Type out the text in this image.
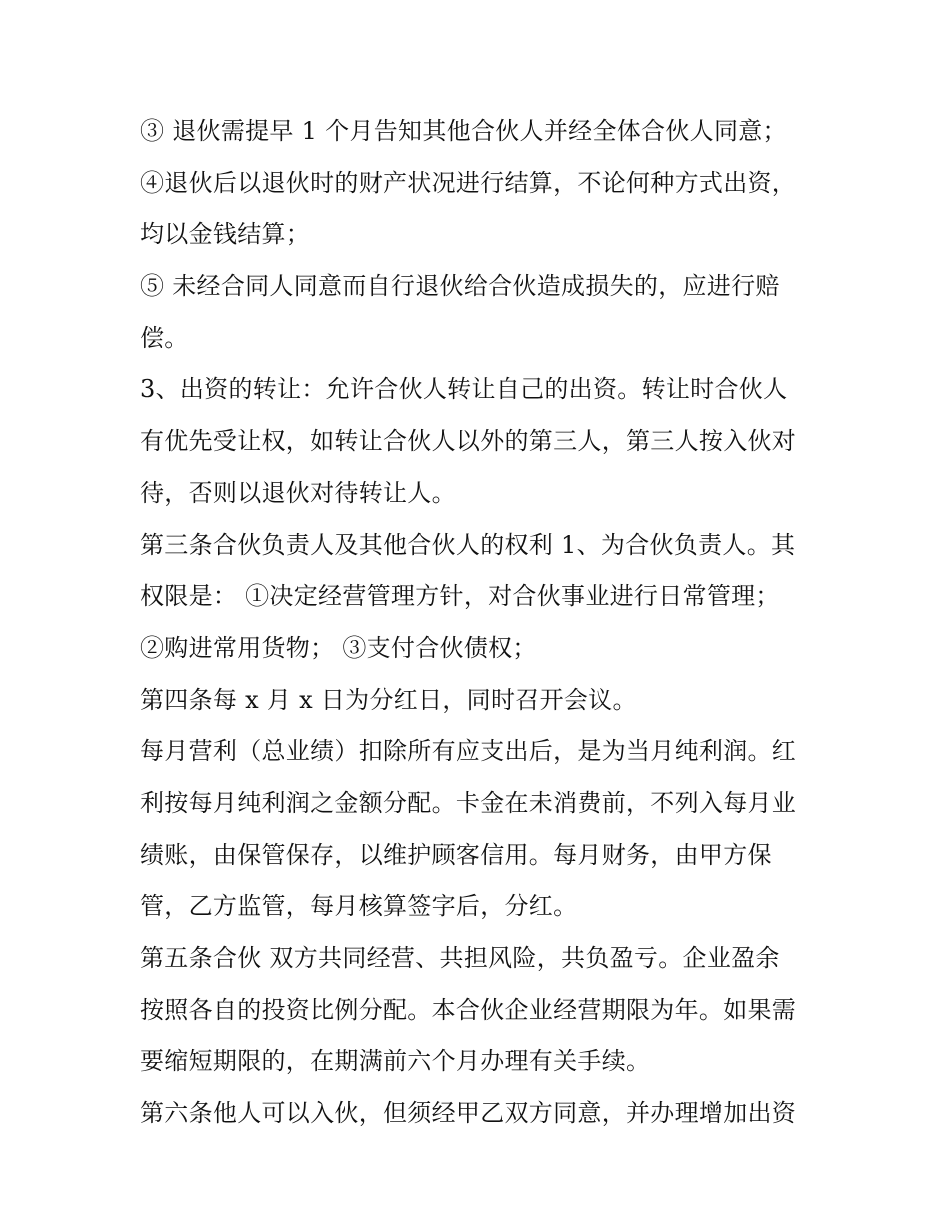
③ 退伙需提早 1 个月告知其他合伙人并经全体合伙人同意；
④退伙后以退伙时的财产状况进行结算，不论何种方式出资，
均以金钱结算；
⑤ 未经合同人同意而自行退伙给合伙造成损失的，应进行赔
偿。
3、出资的转让：允许合伙人转让自己的出资。转让时合伙人
有优先受让权，如转让合伙人以外的第三人，第三人按入伙对
待，否则以退伙对待转让人。
第三条合伙负责人及其他合伙人的权利 1、为合伙负责人。其
权限是： ①决定经营管理方针，对合伙事业进行日常管理；
②购进常用货物； ③支付合伙债权；
第四条每 x 月 x 日为分红日，同时召开会议。
每月营利（总业绩）扣除所有应支出后，是为当月纯利润。红
利按每月纯利润之金额分配。卡金在未消费前，不列入每月业
绩账，由保管保存，以维护顾客信用。每月财务，由甲方保
管，乙方监管，每月核算签字后，分红。
第五条合伙 双方共同经营、共担风险，共负盈亏。企业盈余
按照各自的投资比例分配。本合伙企业经营期限为年。如果需
要缩短期限的，在期满前六个月办理有关手续。
第六条他人可以入伙，但须经甲乙双方同意，并办理增加出资
